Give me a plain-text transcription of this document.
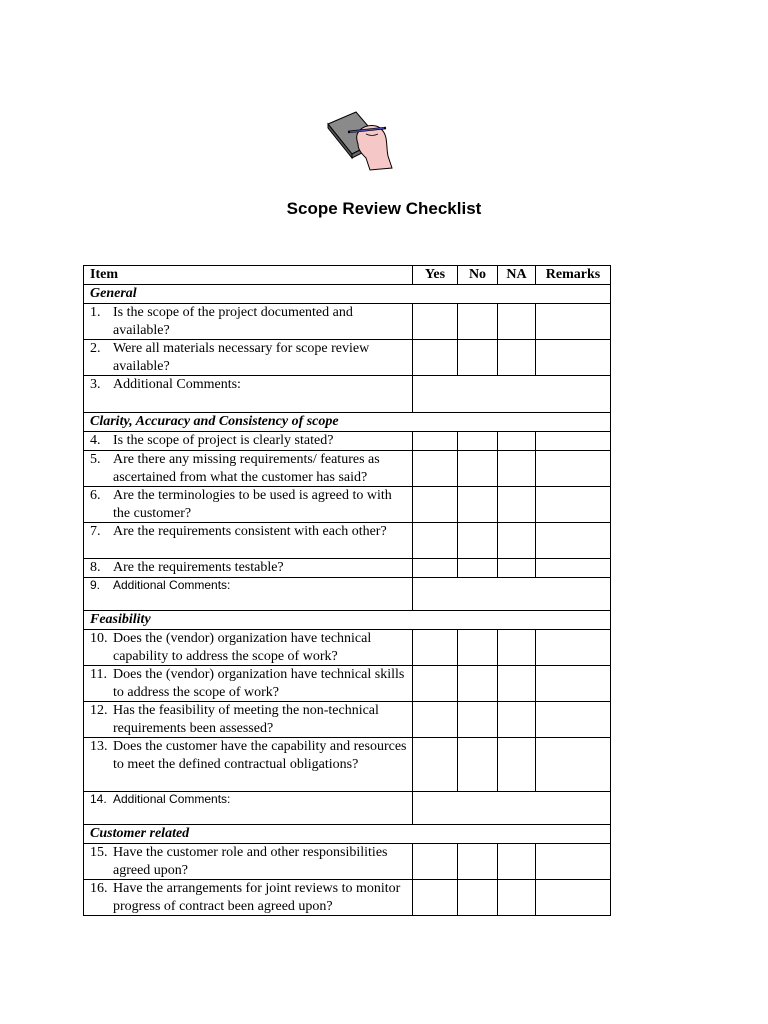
Scope Review Checklist
Item	Yes	No	NA	Remarks
General				

1. Is the scope of the project documented and available?				

2. Were all materials necessary for scope review available?				

3. Additional Comments:				

Clarity, Accuracy and Consistency of scope				

4. Is the scope of project is clearly stated?				

5. Are there any missing requirements/ features as ascertained from what the customer has said?				

6. Are the terminologies to be used is agreed to with the customer?				

7. Are the requirements consistent with each other?				

8. Are the requirements testable?				

9. Additional Comments:				
Feasibility				

10. Does the (vendor) organization have technical capability to address the scope of work?				

11. Does the (vendor) organization have technical skills to address the scope of work?				

12. Has the feasibility of meeting the non-technical requirements been assessed?				

13. Does the customer have the capability and resources to meet the defined contractual obligations?				

14. Additional Comments:				
Customer related				

15. Have the customer role and other responsibilities agreed upon?				

16. Have the arrangements for joint reviews to monitor progress of contract been agreed upon?				
